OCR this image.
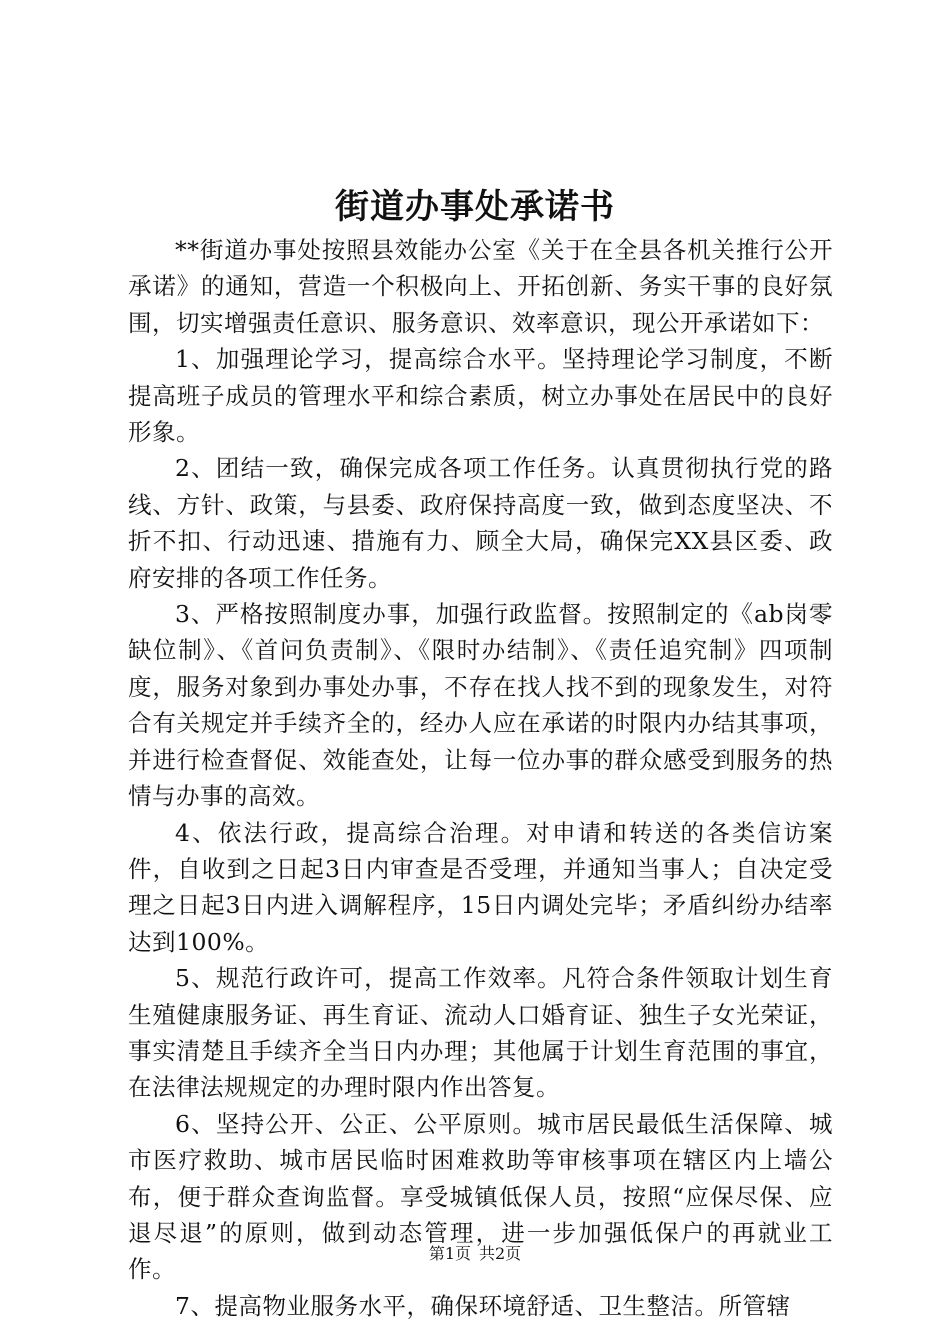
街道办事处承诺书

**街道办事处按照县效能办公室《关于在全县各机关推行公开承诺》的通知，营造一个积极向上、开拓创新、务实干事的良好氛围，切实增强责任意识、服务意识、效率意识，现公开承诺如下：

1、加强理论学习，提高综合水平。坚持理论学习制度，不断提高班子成员的管理水平和综合素质，树立办事处在居民中的良好形象。

2、团结一致，确保完成各项工作任务。认真贯彻执行党的路线、方针、政策，与县委、政府保持高度一致，做到态度坚决、不折不扣、行动迅速、措施有力、顾全大局，确保完XX县区委、政府安排的各项工作任务。

3、严格按照制度办事，加强行政监督。按照制定的《ab岗零缺位制》、《首问负责制》、《限时办结制》、《责任追究制》四项制度，服务对象到办事处办事，不存在找人找不到的现象发生，对符合有关规定并手续齐全的，经办人应在承诺的时限内办结其事项，并进行检查督促、效能查处，让每一位办事的群众感受到服务的热情与办事的高效。

4、依法行政，提高综合治理。对申请和转送的各类信访案件，自收到之日起3日内审查是否受理，并通知当事人；自决定受理之日起3日内进入调解程序，15日内调处完毕；矛盾纠纷办结率达到100%。

5、规范行政许可，提高工作效率。凡符合条件领取计划生育生殖健康服务证、再生育证、流动人口婚育证、独生子女光荣证，事实清楚且手续齐全当日内办理；其他属于计划生育范围的事宜，在法律法规规定的办理时限内作出答复。

6、坚持公开、公正、公平原则。城市居民最低生活保障、城市医疗救助、城市居民临时困难救助等审核事项在辖区内上墙公布，便于群众查询监督。享受城镇低保人员，按照“应保尽保、应退尽退”的原则，做到动态管理，进一步加强低保户的再就业工作。

7、提高物业服务水平，确保环境舒适、卫生整洁。所管辖

第1页 共2页
